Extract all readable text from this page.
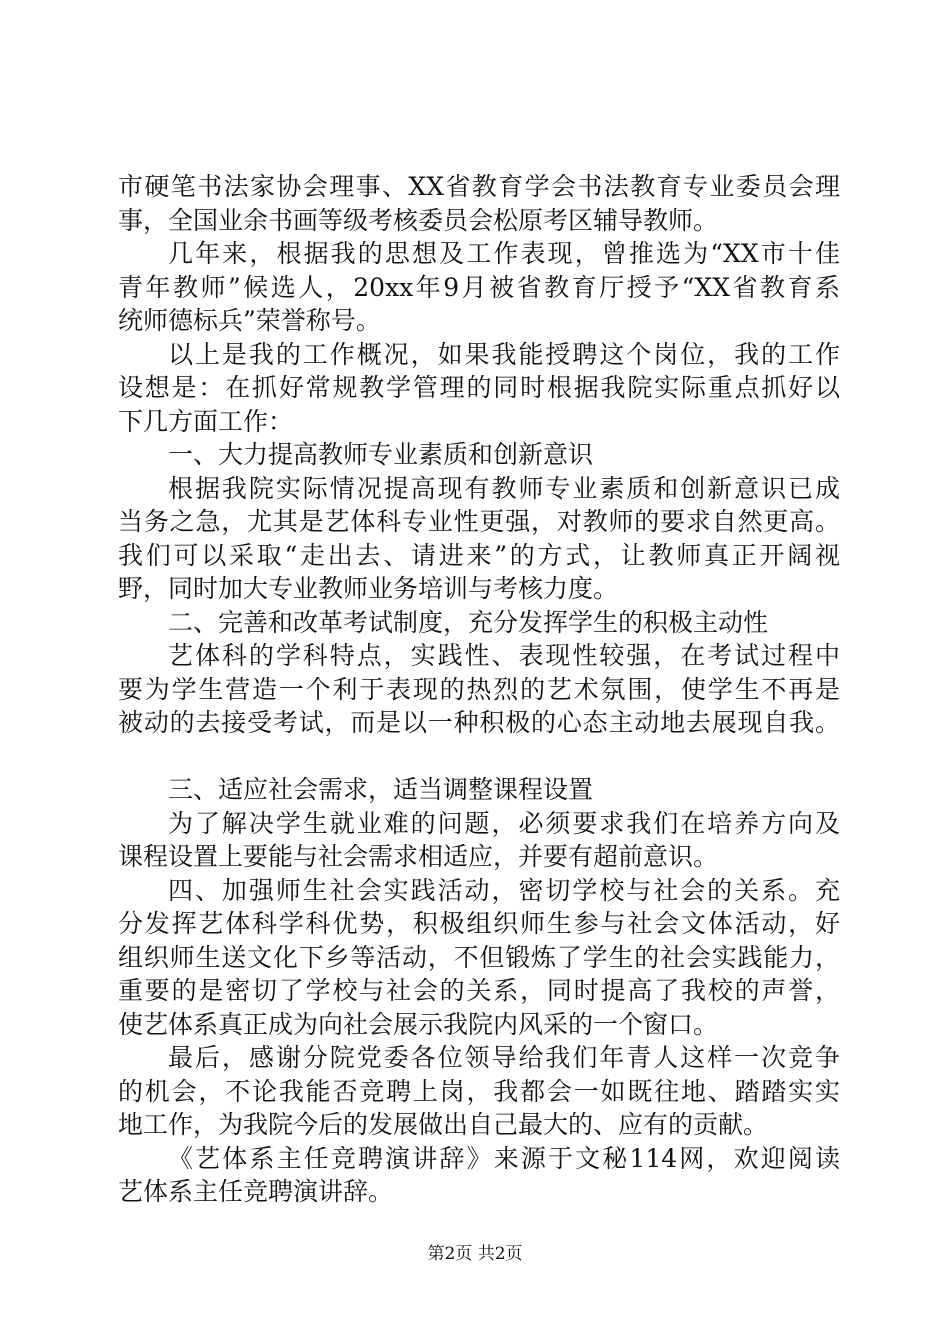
市硬笔书法家协会理事、XX省教育学会书法教育专业委员会理
事，全国业余书画等级考核委员会松原考区辅导教师。
几年来，根据我的思想及工作表现，曾推选为“XX市十佳
青年教师”候选人，20xx年9月被省教育厅授予“XX省教育系
统师德标兵”荣誉称号。
以上是我的工作概况，如果我能授聘这个岗位，我的工作
设想是：在抓好常规教学管理的同时根据我院实际重点抓好以
下几方面工作：
一、大力提高教师专业素质和创新意识
根据我院实际情况提高现有教师专业素质和创新意识已成
当务之急，尤其是艺体科专业性更强，对教师的要求自然更高。
我们可以采取“走出去、请进来”的方式，让教师真正开阔视
野，同时加大专业教师业务培训与考核力度。
二、完善和改革考试制度，充分发挥学生的积极主动性
艺体科的学科特点，实践性、表现性较强，在考试过程中
要为学生营造一个利于表现的热烈的艺术氛围，使学生不再是
被动的去接受考试，而是以一种积极的心态主动地去展现自我。
三、适应社会需求，适当调整课程设置
为了解决学生就业难的问题，必须要求我们在培养方向及
课程设置上要能与社会需求相适应，并要有超前意识。
四、加强师生社会实践活动，密切学校与社会的关系。充
分发挥艺体科学科优势，积极组织师生参与社会文体活动，好
组织师生送文化下乡等活动，不但锻炼了学生的社会实践能力，
重要的是密切了学校与社会的关系，同时提高了我校的声誉，
使艺体系真正成为向社会展示我院内风采的一个窗口。
最后，感谢分院党委各位领导给我们年青人这样一次竞争
的机会，不论我能否竞聘上岗，我都会一如既往地、踏踏实实
地工作，为我院今后的发展做出自己最大的、应有的贡献。
《艺体系主任竞聘演讲辞》来源于文秘114网，欢迎阅读
艺体系主任竞聘演讲辞。
第2页 共2页
